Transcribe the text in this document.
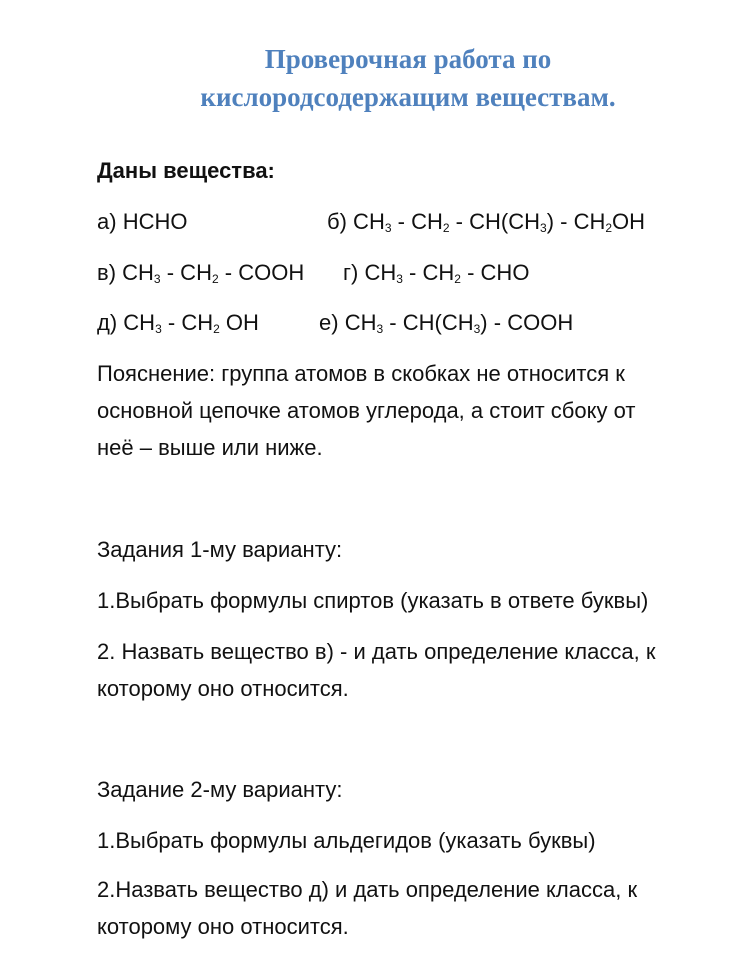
Проверочная работа по
кислородсодержащим веществам.
Даны вещества:
а) HCHO	б) $CH_3 - CH_2 - CH(CH_3) - CH_2OH$
в) $CH_3 - CH_2$ - COOH г) $CH_3 - CH_2$ - CHO
д) $CH_3 - CH_2$ OH	е) $CH_3 - CH(CH_3)$ - COOH
Пояснение: группа атомов в скобках не относится к
основной цепочке атомов углерода, а стоит сбоку от
неё – выше или ниже.
Задания 1-му варианту:
1.Выбрать формулы спиртов (указать в ответе буквы)
2. Назвать вещество в) - и дать определение класса, к
которому оно относится.
Задание 2-му варианту:
1.Выбрать формулы альдегидов (указать буквы)
2.Назвать вещество д) и дать определение класса, к
которому оно относится.
